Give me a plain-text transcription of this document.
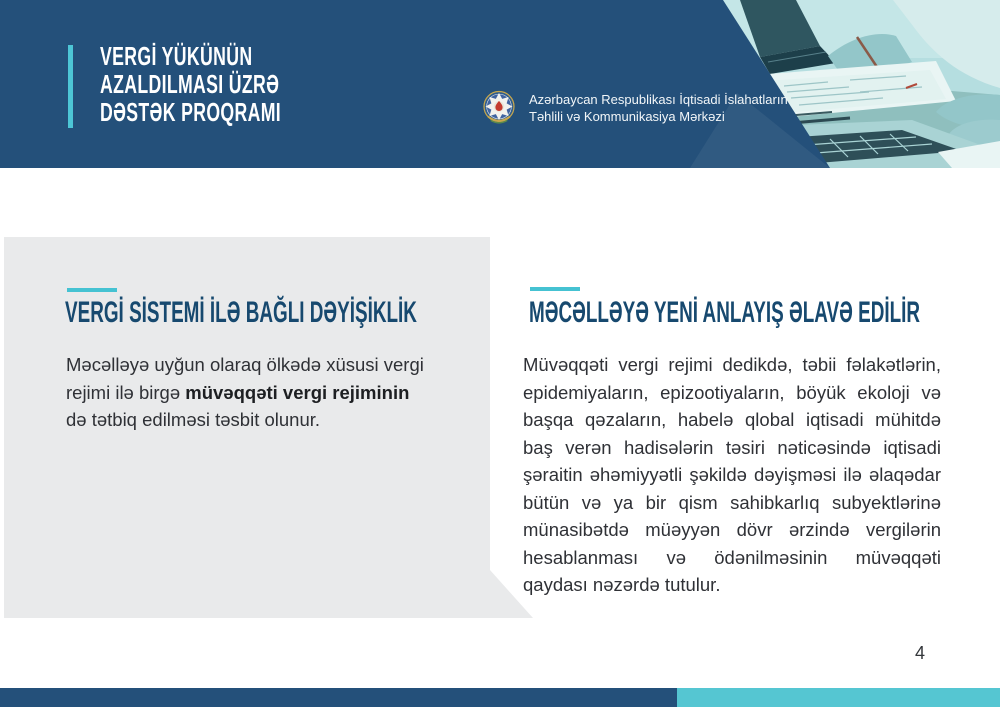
VERGİ YÜKÜNÜN
AZALDILMASI ÜZRƏ
DƏSTƏK PROQRAMI	Azərbaycan Respublikası İqtisadi İslahatların
Təhlili və Kommunikasiya Mərkəzi
VERGİ SİSTEMİ İLƏ BAĞLI DƏYİŞİKLİK
Məcəlləyə uyğun olaraq ölkədə xüsusi vergi rejimi ilə birgə müvəqqəti vergi rejiminin də tətbiq edilməsi təsbit olunur.
MƏCƏLLƏYƏ YENİ ANLAYIŞ ƏLAVƏ EDİLİR
Müvəqqəti vergi rejimi dedikdə, təbii fəlakətlərin, epidemiyaların, epizootiyaların, böyük ekoloji və başqa qəzaların, habelə qlobal iqtisadi mühitdə baş verən hadisələrin təsiri nəticəsində iqtisadi şəraitin əhəmiyyətli şəkildə dəyişməsi ilə əlaqədar bütün və ya bir qism sahibkarlıq subyektlərinə münasibətdə müəyyən dövr ərzində vergilərin hesablanması və ödənilməsinin müvəqqəti qaydası nəzərdə tutulur.
4
